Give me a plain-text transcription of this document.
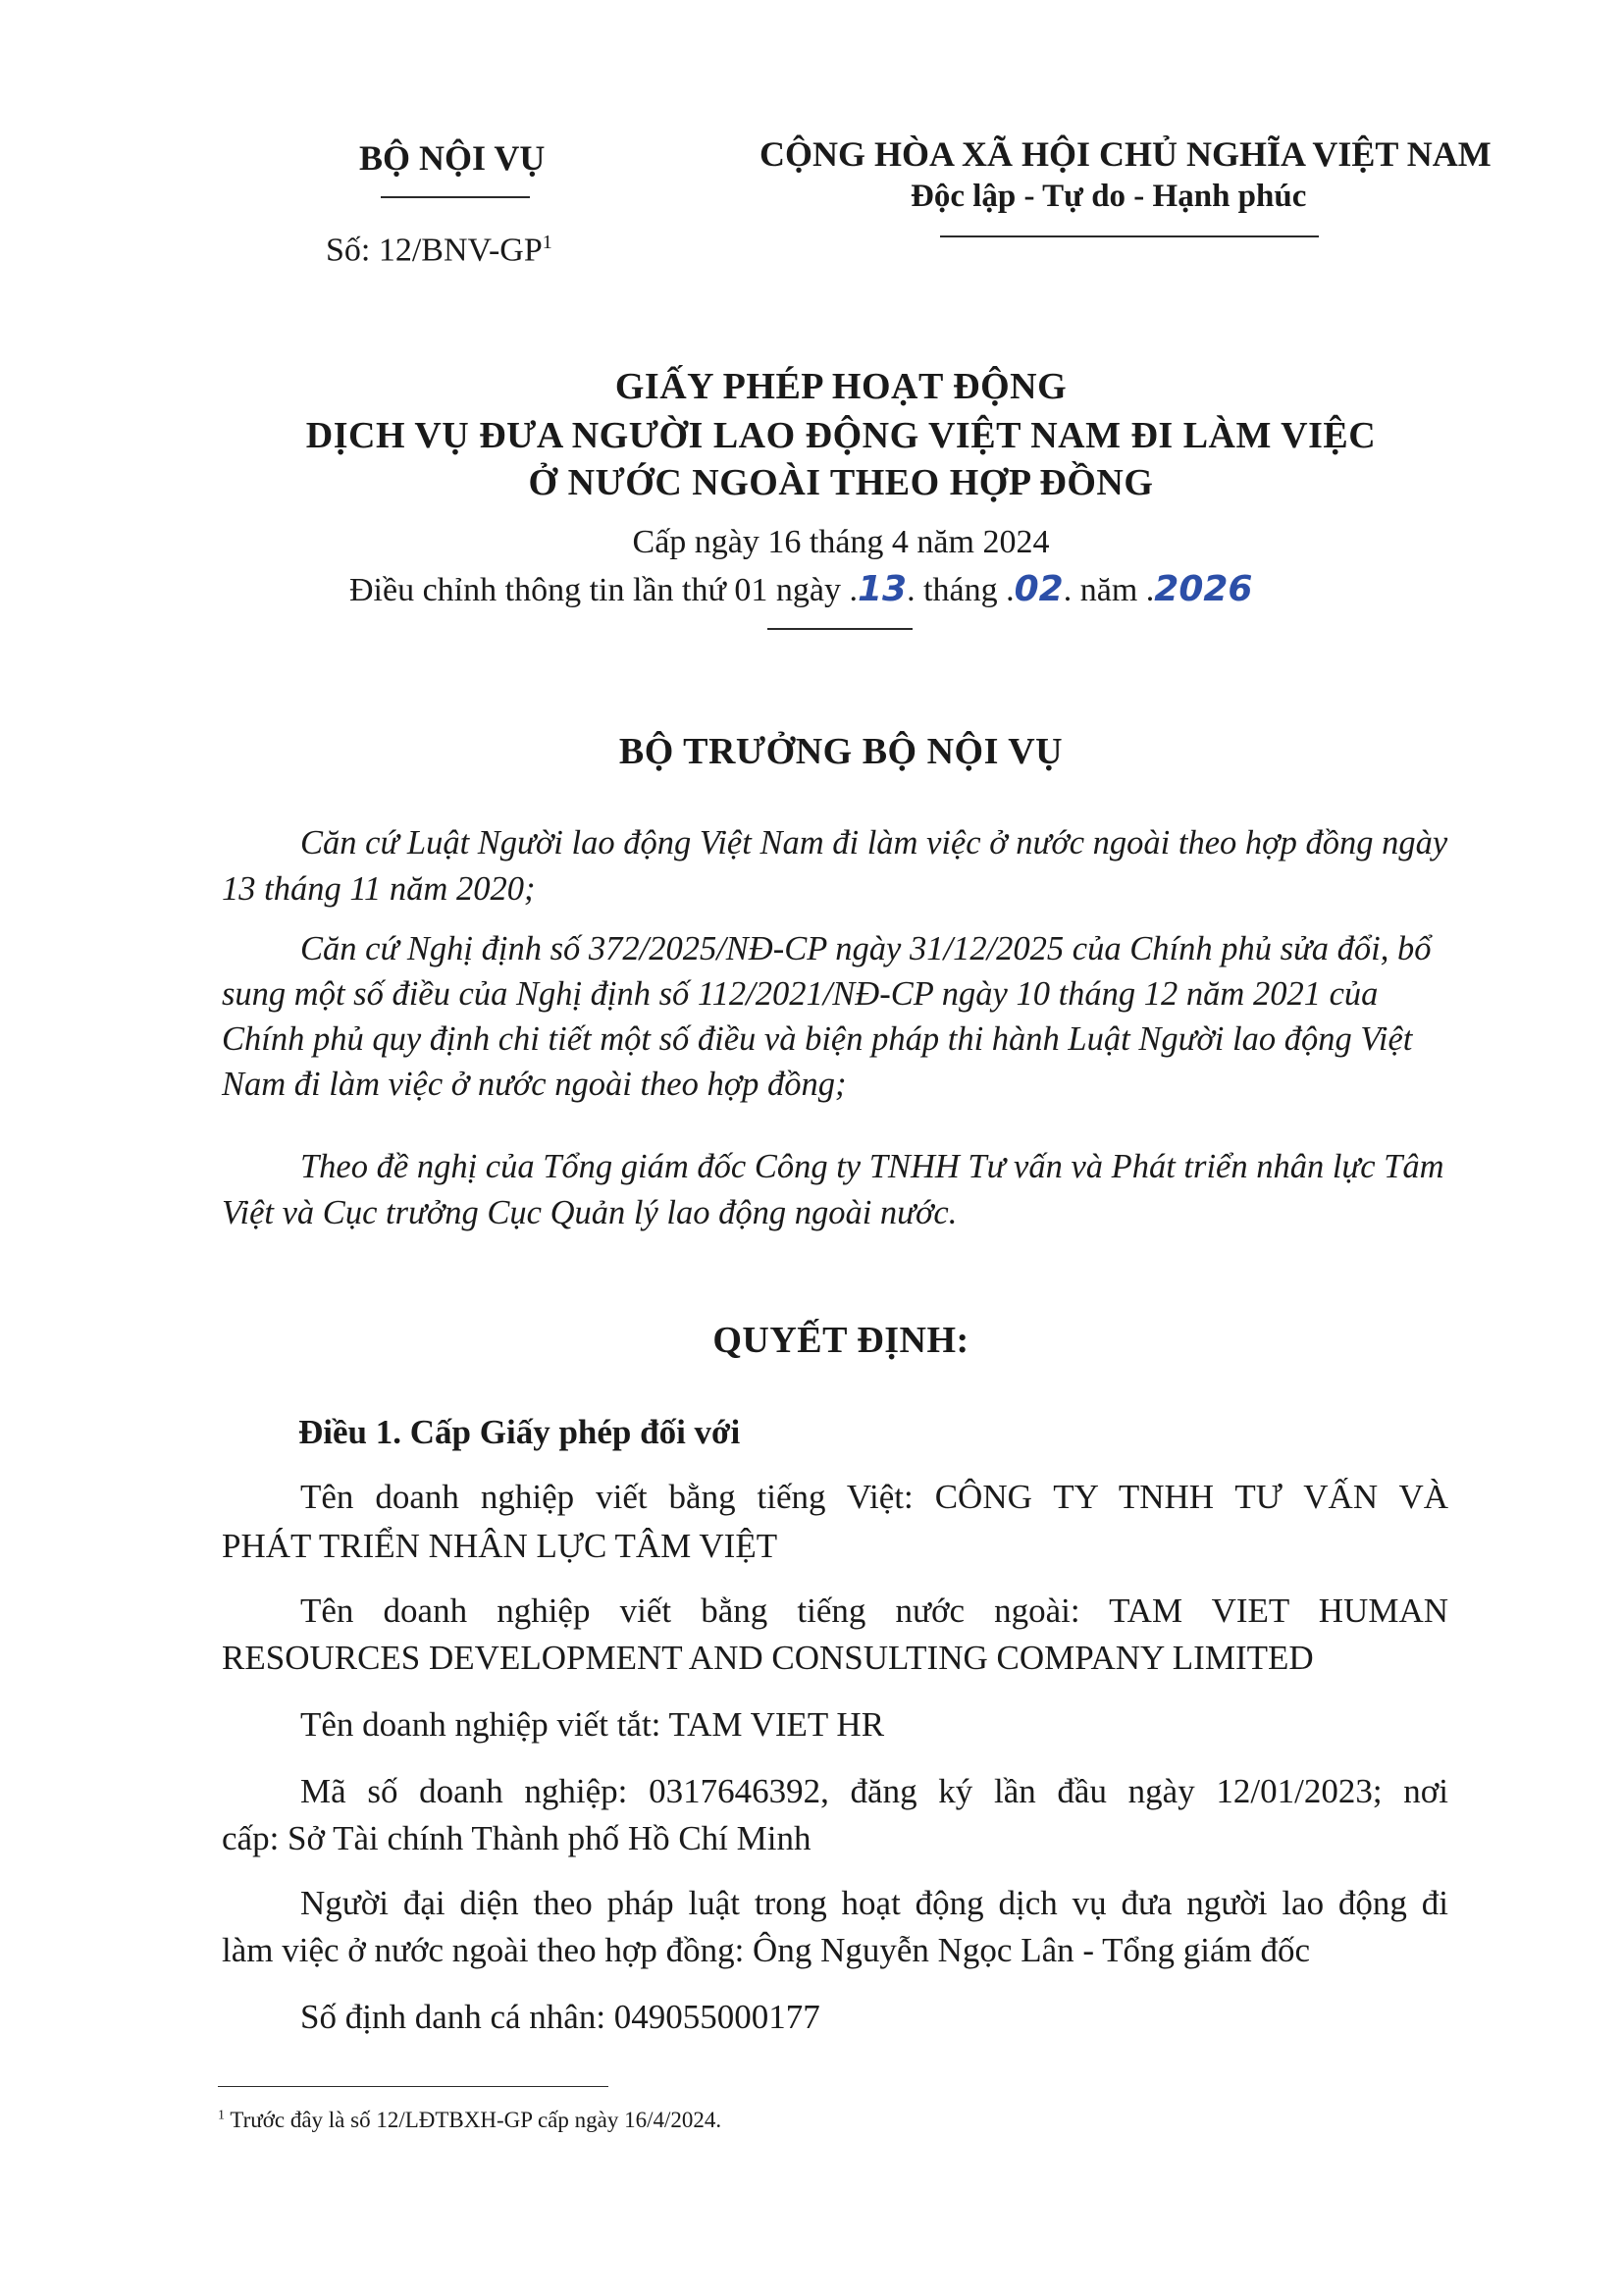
BỘ NỘI VỤ
Số: $12/BNV-GP^1$
CỘNG HÒA XÃ HỘI CHỦ NGHĨA VIỆT NAM
Độc lập - Tự do - Hạnh phúc
GIẤY PHÉP HOẠT ĐỘNG
DỊCH VỤ ĐƯA NGƯỜI LAO ĐỘNG VIỆT NAM ĐI LÀM VIỆC
Ở NƯỚC NGOÀI THEO HỢP ĐỒNG
Cấp ngày 16 tháng 4 năm 2024
Điều chỉnh thông tin lần thứ 01 ngày .13. tháng .02. năm .2026
BỘ TRƯỞNG BỘ NỘI VỤ
Căn cứ Luật Người lao động Việt Nam đi làm việc ở nước ngoài theo hợp đồng ngày 13 tháng 11 năm 2020;
Căn cứ Nghị định số 372/2025/NĐ-CP ngày 31/12/2025 của Chính phủ sửa đổi, bổ sung một số điều của Nghị định số 112/2021/NĐ-CP ngày 10 tháng 12 năm 2021 của Chính phủ quy định chi tiết một số điều và biện pháp thi hành Luật Người lao động Việt Nam đi làm việc ở nước ngoài theo hợp đồng;
Theo đề nghị của Tổng giám đốc Công ty TNHH Tư vấn và Phát triển nhân lực Tâm Việt và Cục trưởng Cục Quản lý lao động ngoài nước.
QUYẾT ĐỊNH:
Điều 1. Cấp Giấy phép đối với
Tên doanh nghiệp viết bằng tiếng Việt: CÔNG TY TNHH TƯ VẤN VÀ
PHÁT TRIỂN NHÂN LỰC TÂM VIỆT
Tên doanh nghiệp viết bằng tiếng nước ngoài: TAM VIET HUMAN
RESOURCES DEVELOPMENT AND CONSULTING COMPANY LIMITED
Tên doanh nghiệp viết tắt: TAM VIET HR
Mã số doanh nghiệp: 0317646392, đăng ký lần đầu ngày 12/01/2023; nơi
cấp: Sở Tài chính Thành phố Hồ Chí Minh
Người đại diện theo pháp luật trong hoạt động dịch vụ đưa người lao động đi
làm việc ở nước ngoài theo hợp đồng: Ông Nguyễn Ngọc Lân - Tổng giám đốc
Số định danh cá nhân: 049055000177
$^1$ Trước đây là số 12/LĐTBXH-GP cấp ngày 16/4/2024.
